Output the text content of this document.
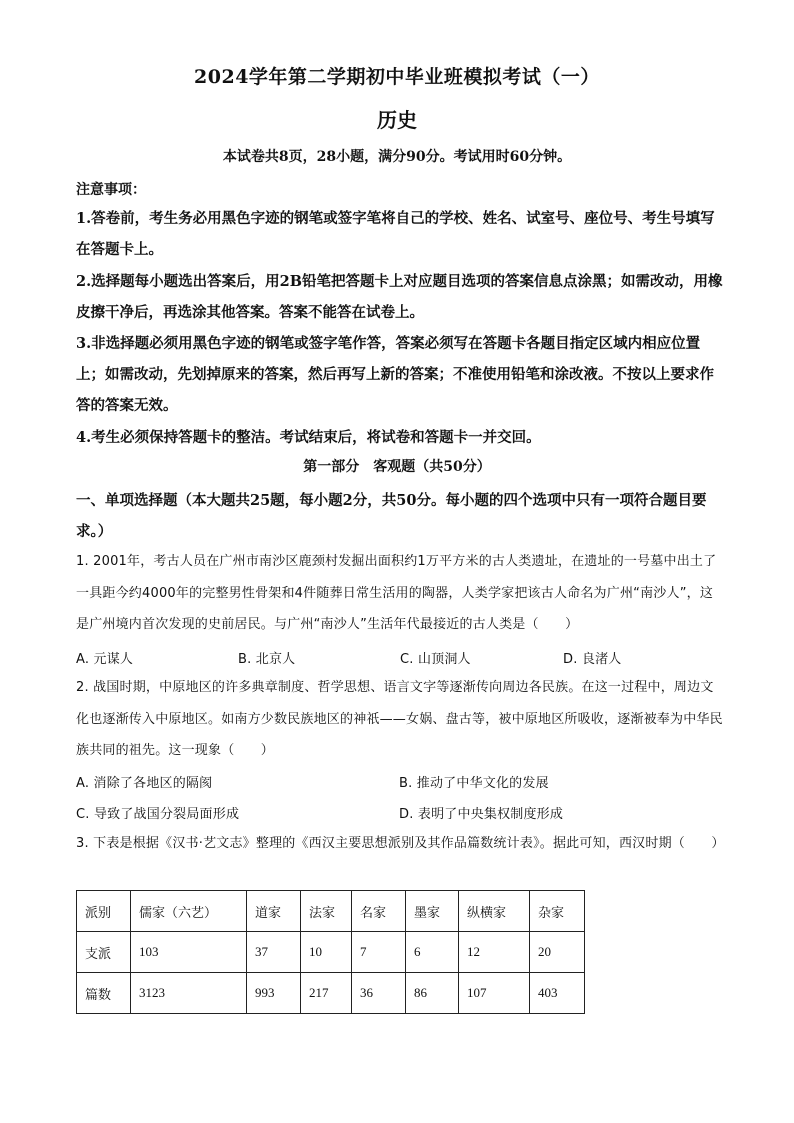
2024学年第二学期初中毕业班模拟考试（一）
历史
本试卷共8页，28小题，满分90分。考试用时60分钟。
注意事项：

1.答卷前，考生务必用黑色字迹的钢笔或签字笔将自己的学校、姓名、试室号、座位号、考生号填写在答题卡上。

2.选择题每小题选出答案后，用2B铅笔把答题卡上对应题目选项的答案信息点涂黑；如需改动，用橡皮擦干净后，再选涂其他答案。答案不能答在试卷上。

3.非选择题必须用黑色字迹的钢笔或签字笔作答，答案必须写在答题卡各题目指定区域内相应位置上；如需改动，先划掉原来的答案，然后再写上新的答案；不准使用铅笔和涂改液。不按以上要求作答的答案无效。

4.考生必须保持答题卡的整洁。考试结束后，将试卷和答题卡一并交回。

第一部分　客观题（共50分）

一、单项选择题（本大题共25题，每小题2分，共50分。每小题的四个选项中只有一项符合题目要求。）

1. 2001年，考古人员在广州市南沙区鹿颈村发掘出面积约1万平方米的古人类遗址，在遗址的一号墓中出土了一具距今约4000年的完整男性骨架和4件随葬日常生活用的陶器，人类学家把该古人命名为广州“南沙人”，这是广州境内首次发现的史前居民。与广州“南沙人”生活年代最接近的古人类是（　　）

A. 元谋人	B. 北京人	C. 山顶洞人	D. 良渚人

2. 战国时期，中原地区的许多典章制度、哲学思想、语言文字等逐渐传向周边各民族。在这一过程中，周边文化也逐渐传入中原地区。如南方少数民族地区的神祇——女娲、盘古等，被中原地区所吸收，逐渐被奉为中华民族共同的祖先。这一现象（　　）

A. 消除了各地区的隔阂	B. 推动了中华文化的发展
C. 导致了战国分裂局面形成	D. 表明了中央集权制度形成

3. 下表是根据《汉书·艺文志》整理的《西汉主要思想派别及其作品篇数统计表》。据此可知，西汉时期（　　）

派别	儒家（六艺）	道家	法家	名家	墨家	纵横家	杂家
支派	103	37	10	7	6	12	20
篇数	3123	993	217	36	86	107	403
